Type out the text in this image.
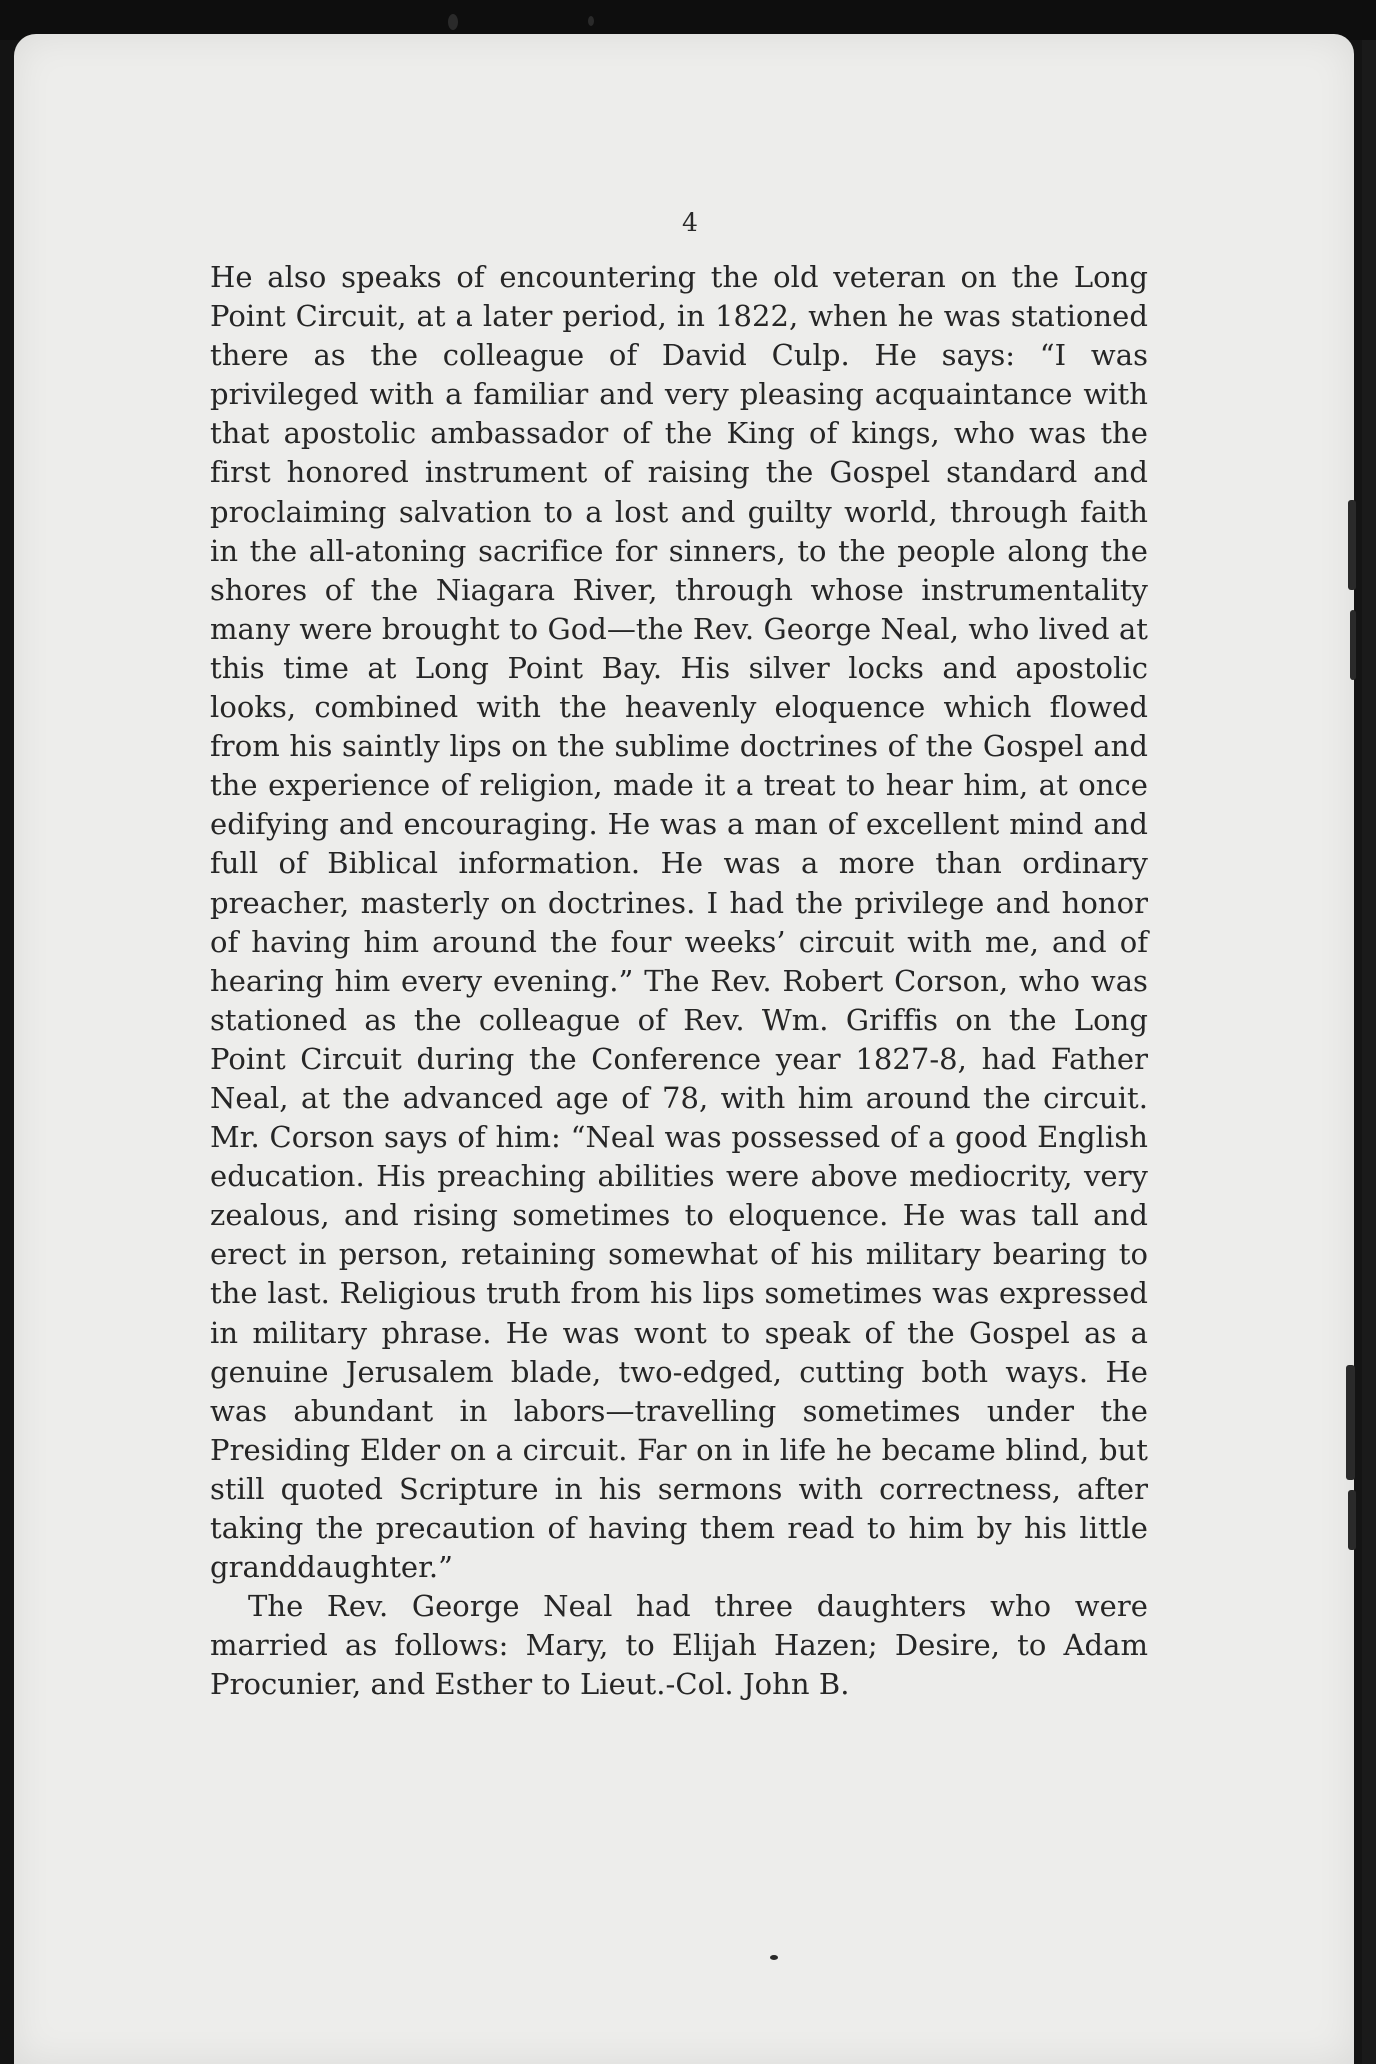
4

He also speaks of encountering the old veteran on the Long Point Circuit, at a later period, in 1822, when he was stationed there as the colleague of David Culp. He says: “I was privileged with a familiar and very pleasing acquaintance with that apostolic ambassador of the King of kings, who was the first honored instrument of raising the Gospel standard and proclaiming salvation to a lost and guilty world, through faith in the all-atoning sacrifice for sinners, to the people along the shores of the Niagara River, through whose instrumentality many were brought to God—the Rev. George Neal, who lived at this time at Long Point Bay. His silver locks and apostolic looks, combined with the heavenly eloquence which flowed from his saintly lips on the sublime doctrines of the Gospel and the experience of religion, made it a treat to hear him, at once edifying and encouraging. He was a man of excellent mind and full of Biblical information. He was a more than ordinary preacher, masterly on doctrines. I had the privilege and honor of having him around the four weeks’ circuit with me, and of hearing him every evening.” The Rev. Robert Corson, who was stationed as the colleague of Rev. Wm. Griffis on the Long Point Circuit during the Conference year 1827-8, had Father Neal, at the advanced age of 78, with him around the circuit. Mr. Corson says of him: “Neal was possessed of a good English education. His preaching abilities were above mediocrity, very zealous, and rising sometimes to eloquence. He was tall and erect in person, retaining somewhat of his military bearing to the last. Religious truth from his lips sometimes was expressed in military phrase. He was wont to speak of the Gospel as a genuine Jerusalem blade, two-edged, cutting both ways. He was abundant in labors—travelling sometimes under the Presiding Elder on a circuit. Far on in life he became blind, but still quoted Scripture in his sermons with correctness, after taking the precaution of having them read to him by his little granddaughter.”

The Rev. George Neal had three daughters who were married as follows: Mary, to Elijah Hazen; Desire, to Adam Procunier, and Esther to Lieut.-Col. John B.
